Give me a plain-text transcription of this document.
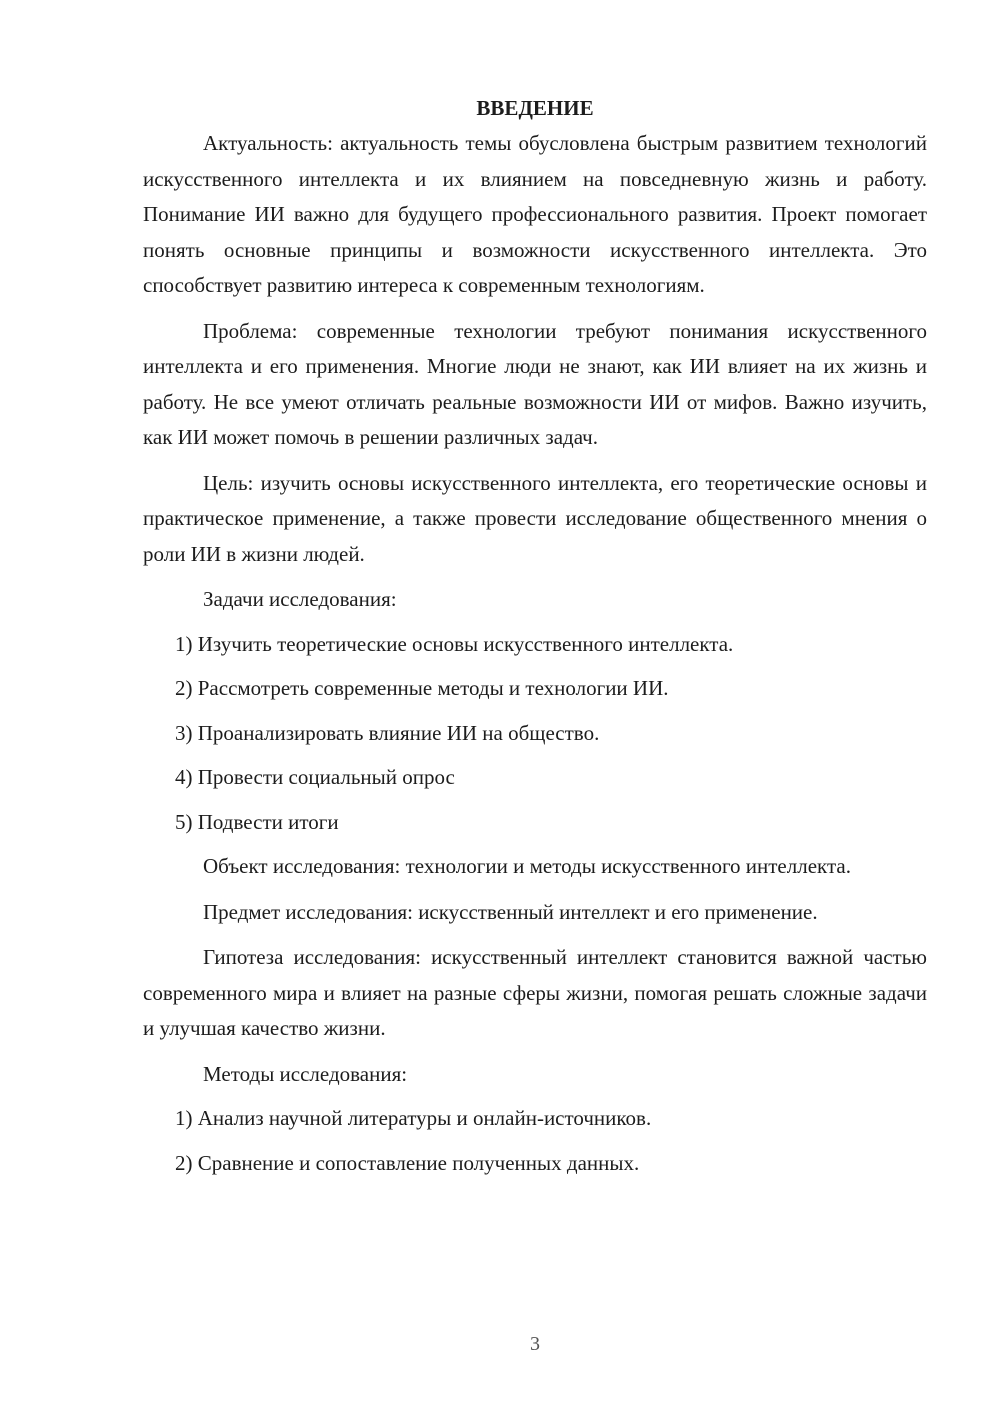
ВВЕДЕНИЕ

Актуальность: актуальность темы обусловлена быстрым развитием технологий искусственного интеллекта и их влиянием на повседневную жизнь и работу. Понимание ИИ важно для будущего профессионального развития. Проект помогает понять основные принципы и возможности искусственного интеллекта. Это способствует развитию интереса к современным технологиям.

Проблема: современные технологии требуют понимания искусственного интеллекта и его применения. Многие люди не знают, как ИИ влияет на их жизнь и работу. Не все умеют отличать реальные возможности ИИ от мифов. Важно изучить, как ИИ может помочь в решении различных задач.

Цель: изучить основы искусственного интеллекта, его теоретические основы и практическое применение, а также провести исследование общественного мнения о роли ИИ в жизни людей.

Задачи исследования:

1) Изучить теоретические основы искусственного интеллекта.

2) Рассмотреть современные методы и технологии ИИ.

3) Проанализировать влияние ИИ на общество.

4) Провести социальный опрос

5) Подвести итоги

Объект исследования: технологии и методы искусственного интеллекта.

Предмет исследования: искусственный интеллект и его применение.

Гипотеза исследования: искусственный интеллект становится важной частью современного мира и влияет на разные сферы жизни, помогая решать сложные задачи и улучшая качество жизни.

Методы исследования:

1) Анализ научной литературы и онлайн-источников.

2) Сравнение и сопоставление полученных данных.

3
